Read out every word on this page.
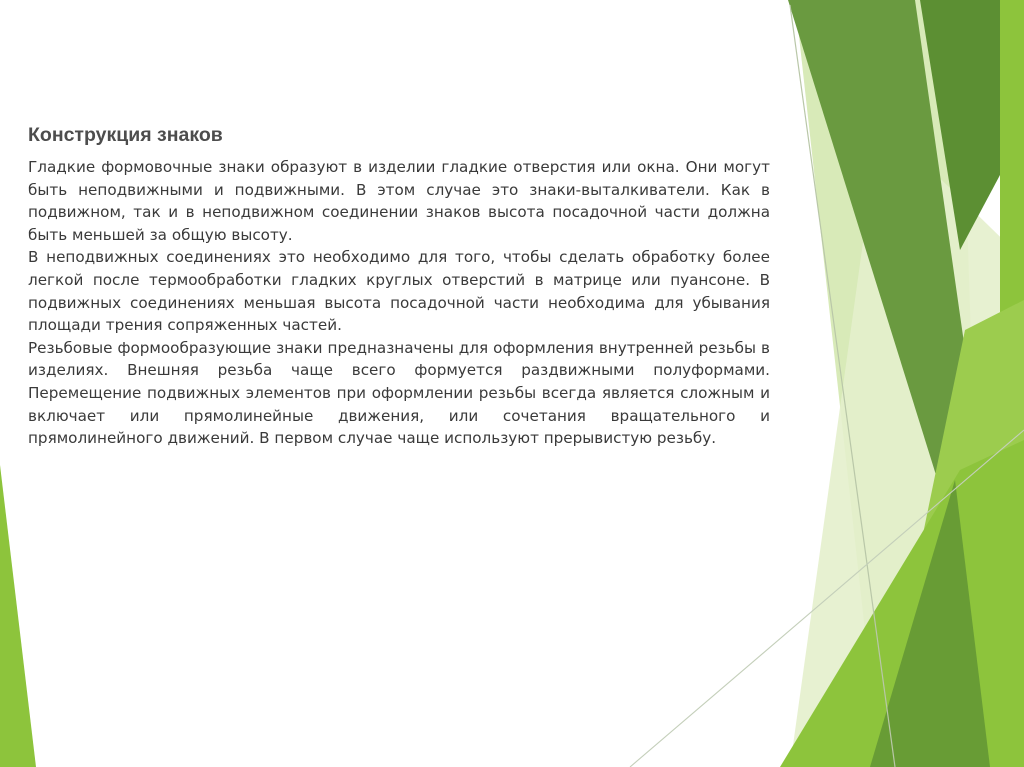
Конструкция знаков

Гладкие формовочные знаки образуют в изделии гладкие отверстия или окна. Они могут быть неподвижными и подвижными. В этом случае это знаки-выталкиватели. Как в подвижном, так и в неподвижном соединении знаков высота посадочной части должна быть меньшей за общую высоту.

В неподвижных соединениях это необходимо для того, чтобы сделать обработку более легкой после термообработки гладких круглых отверстий в матрице или пуансоне. В подвижных соединениях меньшая высота посадочной части необходима для убывания площади трения сопряженных частей.

Резьбовые формообразующие знаки предназначены для оформления внутренней резьбы в изделиях. Внешняя резьба чаще всего формуется раздвижными полуформами. Перемещение подвижных элементов при оформлении резьбы всегда является сложным и включает или прямолинейные движения, или сочетания вращательного и прямолинейного движений. В первом случае чаще используют прерывистую резьбу.
